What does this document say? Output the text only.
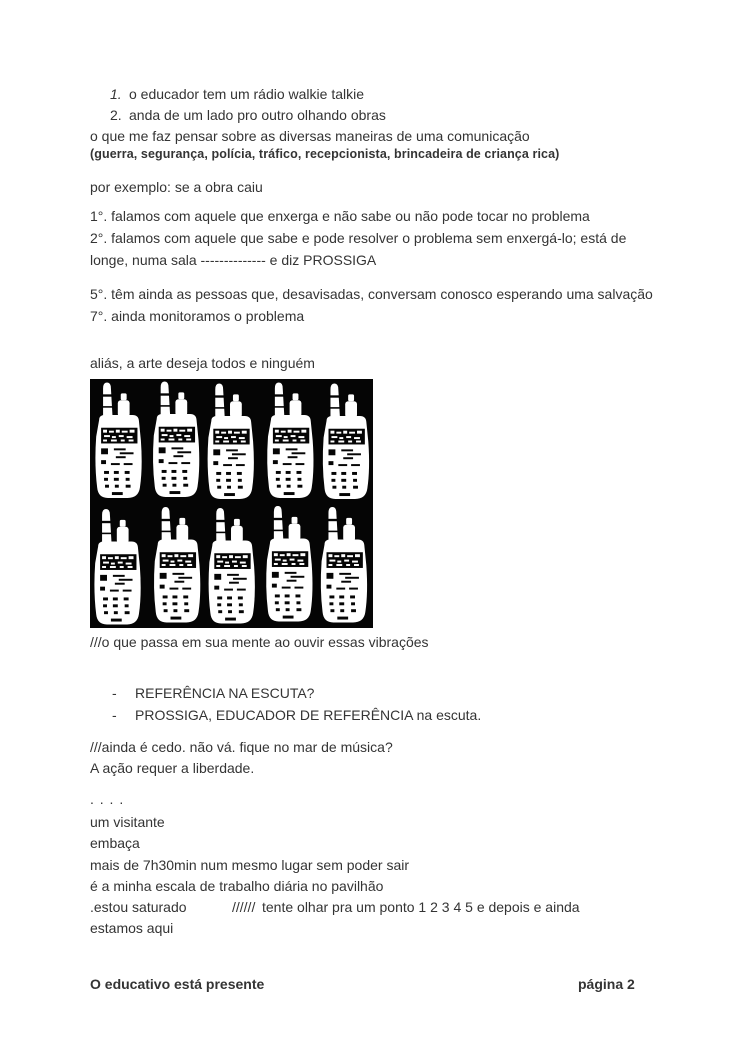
1. o educador tem um rádio walkie talkie
2. anda de um lado pro outro olhando obras
o que me faz pensar sobre as diversas maneiras de uma comunicação
(guerra, segurança, polícia, tráfico, recepcionista, brincadeira de criança rica)
por exemplo: se a obra caiu
1°. falamos com aquele que enxerga e não sabe ou não pode tocar no problema
2°. falamos com aquele que sabe e pode resolver o problema sem enxergá-lo; está de
longe, numa sala -------------- e diz PROSSIGA
5°. têm ainda as pessoas que, desavisadas, conversam conosco esperando uma salvação
7°. ainda monitoramos o problema
aliás, a arte deseja todos e ninguém
///o que passa em sua mente ao ouvir essas vibrações
-	REFERÊNCIA NA ESCUTA?
-	PROSSIGA, EDUCADOR DE REFERÊNCIA na escuta.
///ainda é cedo. não vá. fique no mar de música?
A ação requer a liberdade.
. . . .
um visitante
embaça
mais de 7h30min num mesmo lugar sem poder sair
é a minha escala de trabalho diária no pavilhão
.estou saturado	////// tente olhar pra um ponto 1 2 3 4 5 e depois e ainda
estamos aqui
O educativo está presente	página 2
